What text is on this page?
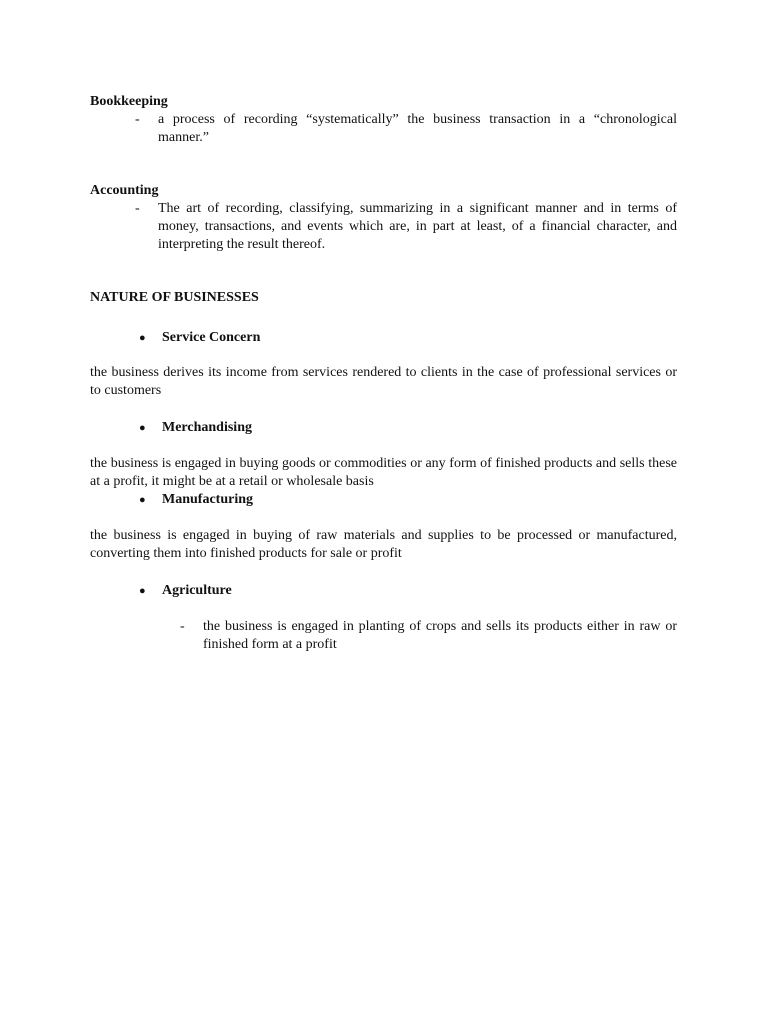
Bookkeeping

- a process of recording “systematically” the business transaction in a “chronological manner.”

Accounting

- The art of recording, classifying, summarizing in a significant manner and in terms of money, transactions, and events which are, in part at least, of a financial character, and interpreting the result thereof.

NATURE OF BUSINESSES

● Service Concern

the business derives its income from services rendered to clients in the case of professional services or to customers

● Merchandising

the business is engaged in buying goods or commodities or any form of finished products and sells these at a profit, it might be at a retail or wholesale basis

● Manufacturing

the business is engaged in buying of raw materials and supplies to be processed or manufactured, converting them into finished products for sale or profit

● Agriculture

- the business is engaged in planting of crops and sells its products either in raw or finished form at a profit
